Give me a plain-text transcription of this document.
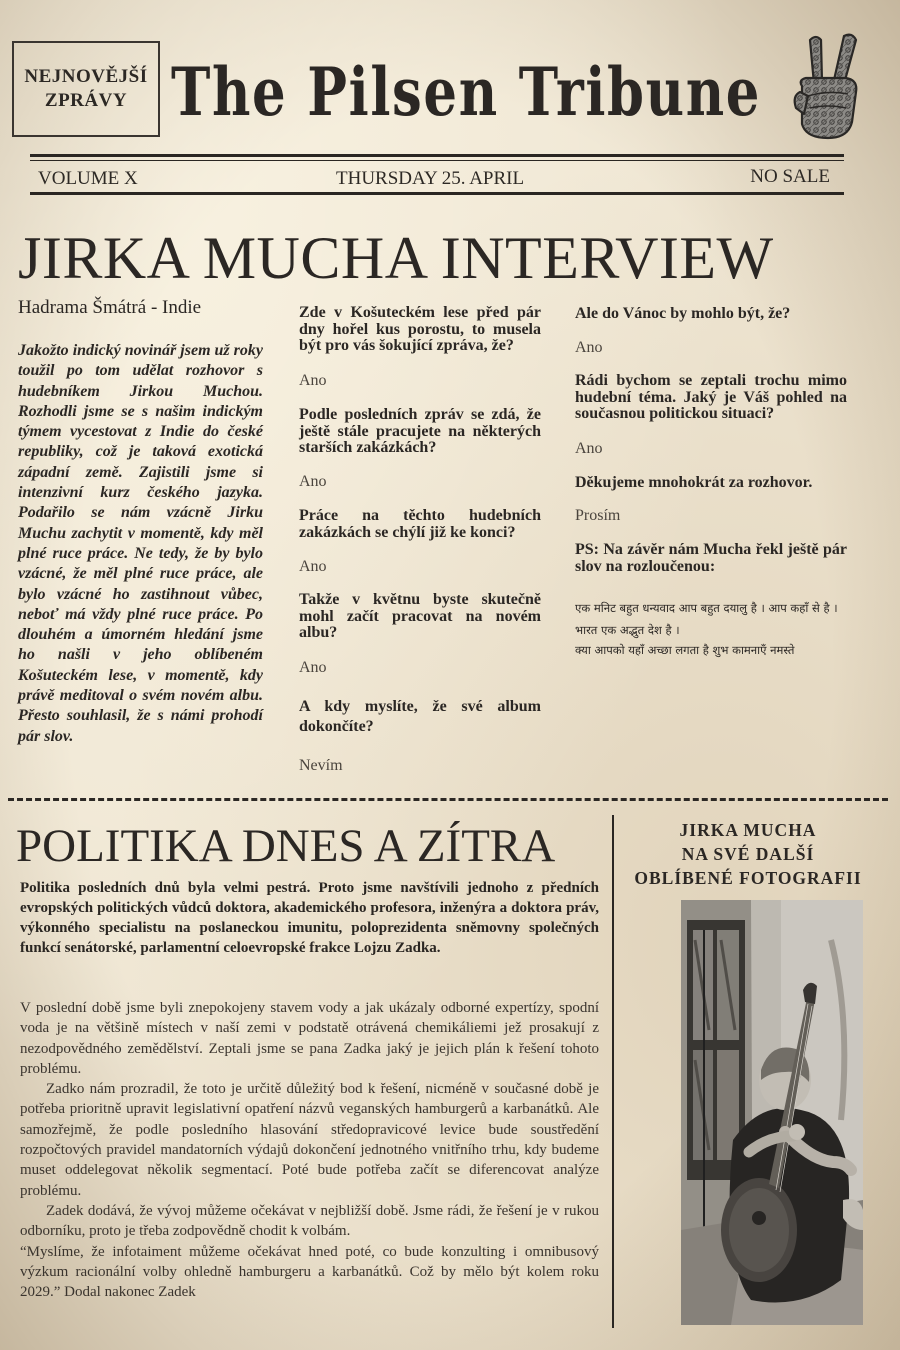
NEJNOVĚJŠÍ
ZPRÁVY The Pilsen Tribune
VOLUME X	THURSDAY 25. APRIL	NO SALE
JIRKA MUCHA INTERVIEW
Hadrama Šmátrá - Indie
Jakožto indický novinář jsem už roky toužil po tom udělat rozhovor s hudebníkem Jirkou Muchou. Rozhodli jsme se s našim indickým týmem vycestovat z Indie do české republiky, což je taková exotická západní země. Zajistili jsme si intenzivní kurz českého jazyka. Podařilo se nám vzácně Jirku Muchu zachytit v momentě, kdy měl plné ruce práce. Ne tedy, že by bylo vzácné, že měl plné ruce práce, ale bylo vzácné ho zastihnout vůbec, neboť má vždy plné ruce práce. Po dlouhém a úmorném hledání jsme ho našli v jeho oblíbeném Košuteckém lese, v momentě, kdy právě meditoval o svém novém albu. Přesto souhlasil, že s námi prohodí pár slov.
Zde v Košuteckém lese před pár dny hořel kus porostu, to musela být pro vás šokující zpráva, že?
Ano
Podle posledních zpráv se zdá, že ještě stále pracujete na některých starších zakázkách?
Ano
Práce na těchto hudebních zakázkách se chýlí již ke konci?
Ano
Takže v květnu byste skutečně mohl začít pracovat na novém albu?
Ano
A kdy myslíte, že své album dokončíte?
Nevím
Ale do Vánoc by mohlo být, že?
Ano
Rádi bychom se zeptali trochu mimo hudební téma. Jaký je Váš pohled na současnou politickou situaci?
Ano
Děkujeme mnohokrát za rozhovor.
Prosím
PS: Na závěr nám Mucha řekl ještě pár slov na rozloučenou:
एक मनिट बहुत धन्यवाद आप बहुत दयालु है । आप कहाँ से है । भारत एक अद्भुत देश है ।
क्या आपको यहाँ अच्छा लगता है शुभ कामनाएँ नमस्ते
POLITIKA DNES A ZÍTRA
Politika posledních dnů byla velmi pestrá. Proto jsme navštívili jednoho z předních evropských politických vůdců doktora, akademického profesora, inženýra a doktora práv, výkonného specialistu na poslaneckou imunitu, poloprezidenta sněmovny společných funkcí senátorské, parlamentní celoevropské frakce Lojzu Zadka.

V poslední době jsme byli znepokojeny stavem vody a jak ukázaly odborné expertízy, spodní voda je na většině místech v naší zemi v podstatě otrávená chemikáliemi jež prosakují z nezodpovědného zemědělství. Zeptali jsme se pana Zadka jaký je jejich plán k řešení tohoto problému.

Zadko nám prozradil, že toto je určitě důležitý bod k řešení, nicméně v současné době je potřeba prioritně upravit legislativní opatření názvů veganských hamburgerů a karbanátků. Ale samozřejmě, že podle posledního hlasování středopravicové levice bude soustředění rozpočtových pravidel mandatorních výdajů dokončení jednotného vnitřního trhu, kdy budeme muset oddelegovat několik segmentací. Poté bude potřeba začít se diferencovat analýze problému.

Zadek dodává, že vývoj můžeme očekávat v nejbližší době. Jsme rádi, že řešení je v rukou odborníku, proto je třeba zodpovědně chodit k volbám.

“Myslíme, že infotaiment můžeme očekávat hned poté, co bude konzulting i omnibusový výzkum racionální volby ohledně hamburgeru a karbanátků. Což by mělo být kolem roku 2029.” Dodal nakonec Zadek

JIRKA MUCHA
NA SVÉ DALŠÍ
OBLÍBENÉ FOTOGRAFII
